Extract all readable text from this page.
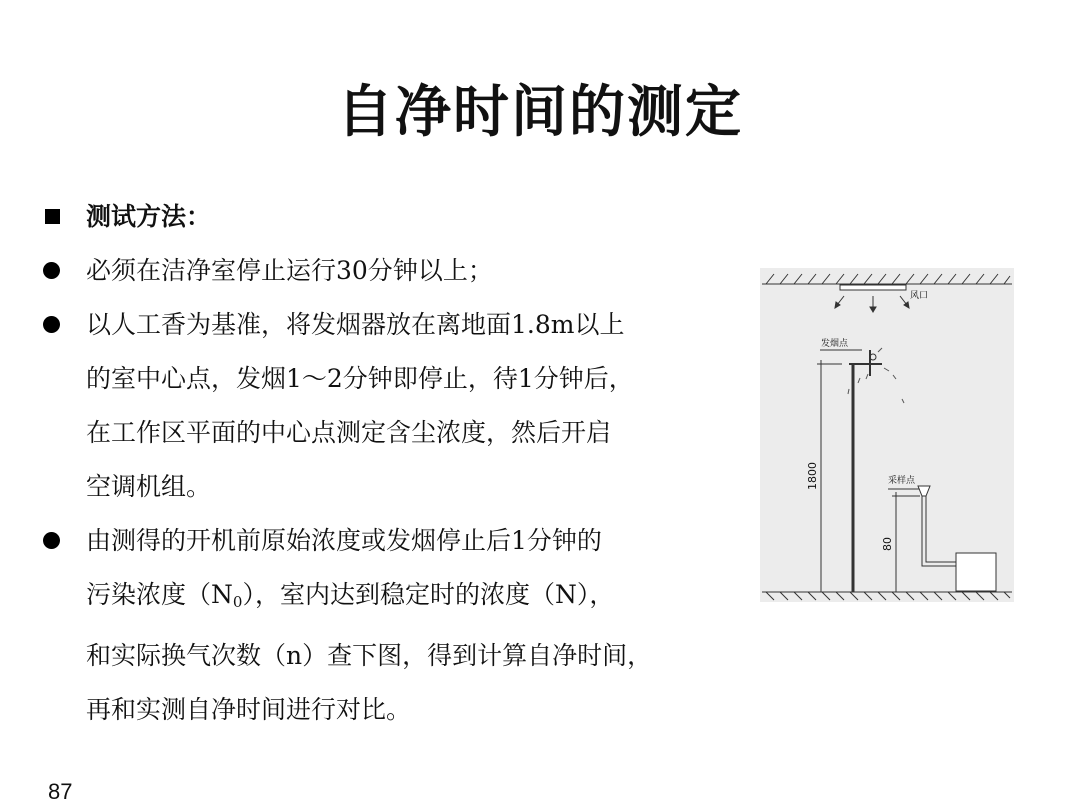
自净时间的测定
测试方法：
必须在洁净室停止运行30分钟以上；
以人工香为基准，将发烟器放在离地面1.8m以上
的室中心点，发烟1～2分钟即停止，待1分钟后，
在工作区平面的中心点测定含尘浓度，然后开启
空调机组。
由测得的开机前原始浓度或发烟停止后1分钟的
污染浓度$(N_0)$，室内达到稳定时的浓度（N），
和实际换气次数（n）查下图，得到计算自净时间，
再和实测自净时间进行对比。
风口
发烟点
1800	采样点
80
87
